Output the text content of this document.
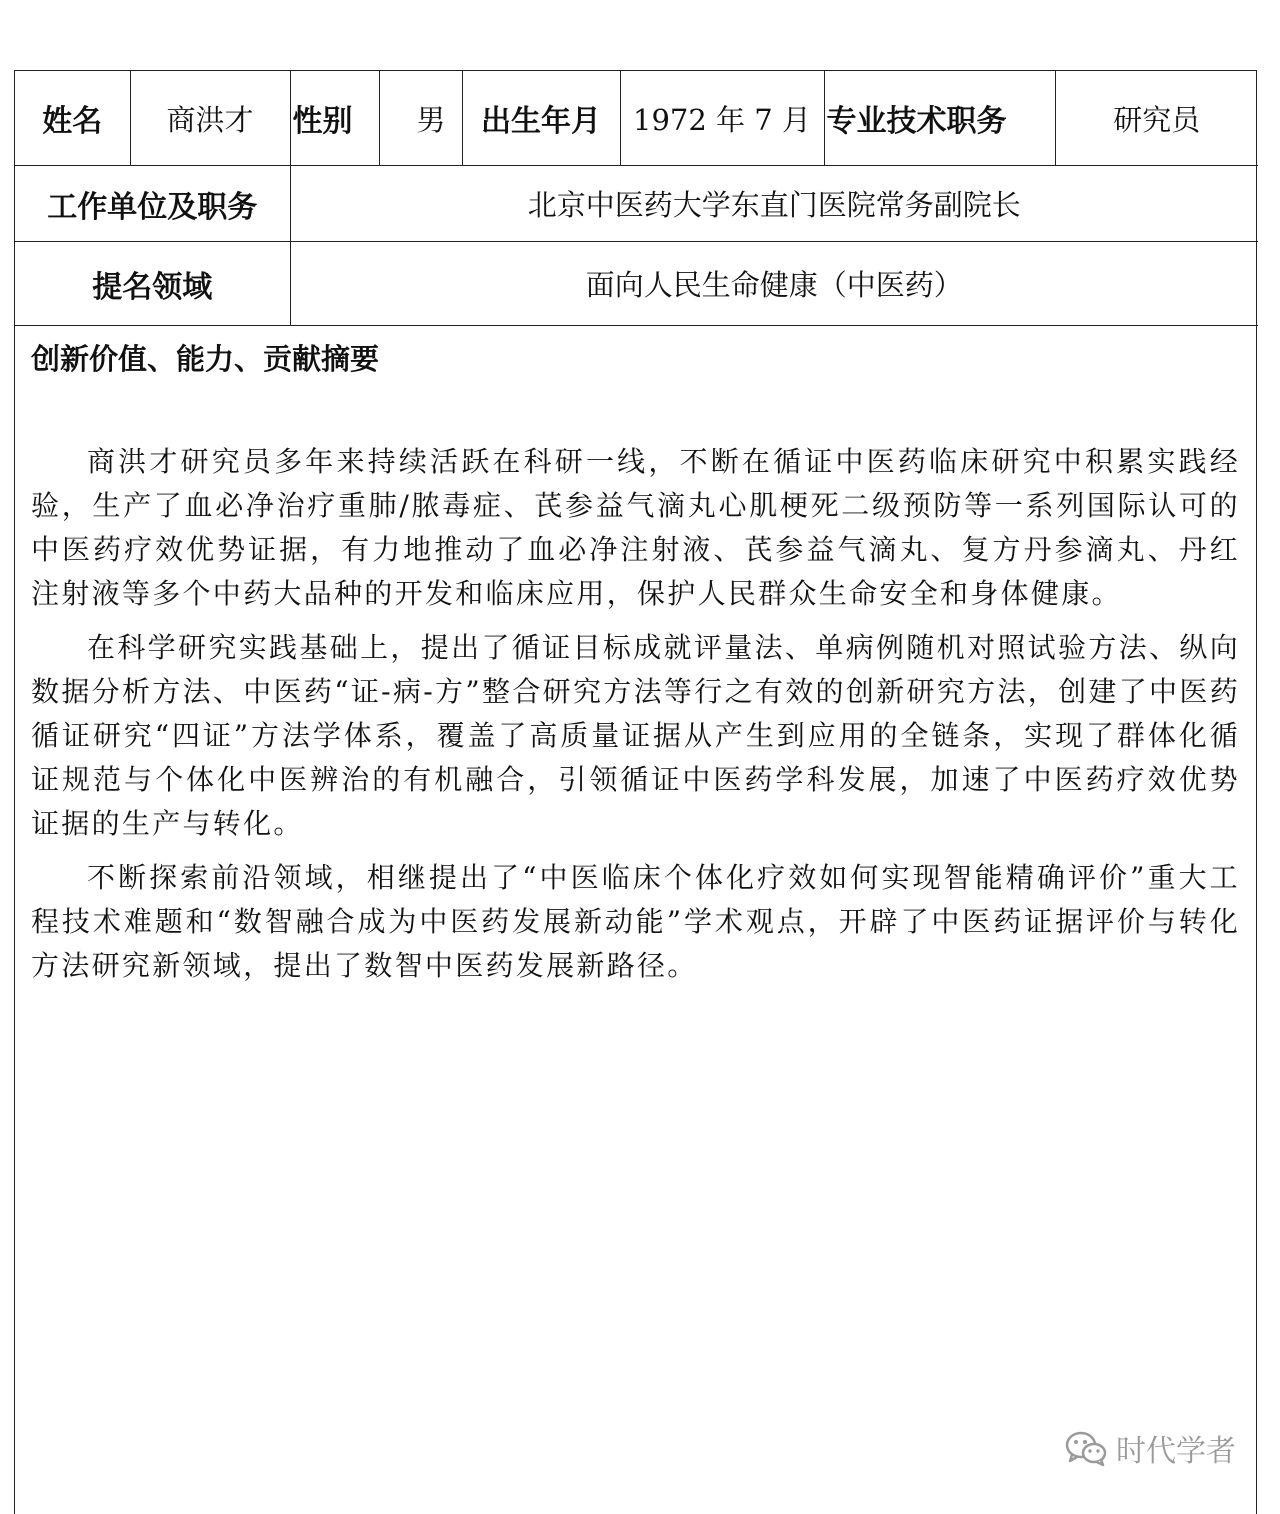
姓名	商洪才	性别	男	出生年月	1972 年 7 月	专业技术职务	研究员
工作单位及职务		北京中医药大学东直门医院常务副院长					
提名领域		面向人民生命健康（中医药）					
创新价值、能力、贡献摘要

商洪才研究员多年来持续活跃在科研一线，不断在循证中医药临床研究中积累实践经验，生产了血必净治疗重肺/脓毒症、芪参益气滴丸心肌梗死二级预防等一系列国际认可的中医药疗效优势证据，有力地推动了血必净注射液、芪参益气滴丸、复方丹参滴丸、丹红注射液等多个中药大品种的开发和临床应用，保护人民群众生命安全和身体健康。

在科学研究实践基础上，提出了循证目标成就评量法、单病例随机对照试验方法、纵向数据分析方法、中医药“证-病-方”整合研究方法等行之有效的创新研究方法，创建了中医药循证研究“四证”方法学体系，覆盖了高质量证据从产生到应用的全链条，实现了群体化循证规范与个体化中医辨治的有机融合，引领循证中医药学科发展，加速了中医药疗效优势证据的生产与转化。

不断探索前沿领域，相继提出了“中医临床个体化疗效如何实现智能精确评价”重大工程技术难题和“数智融合成为中医药发展新动能”学术观点，开辟了中医药证据评价与转化方法研究新领域，提出了数智中医药发展新路径。

时代学者
